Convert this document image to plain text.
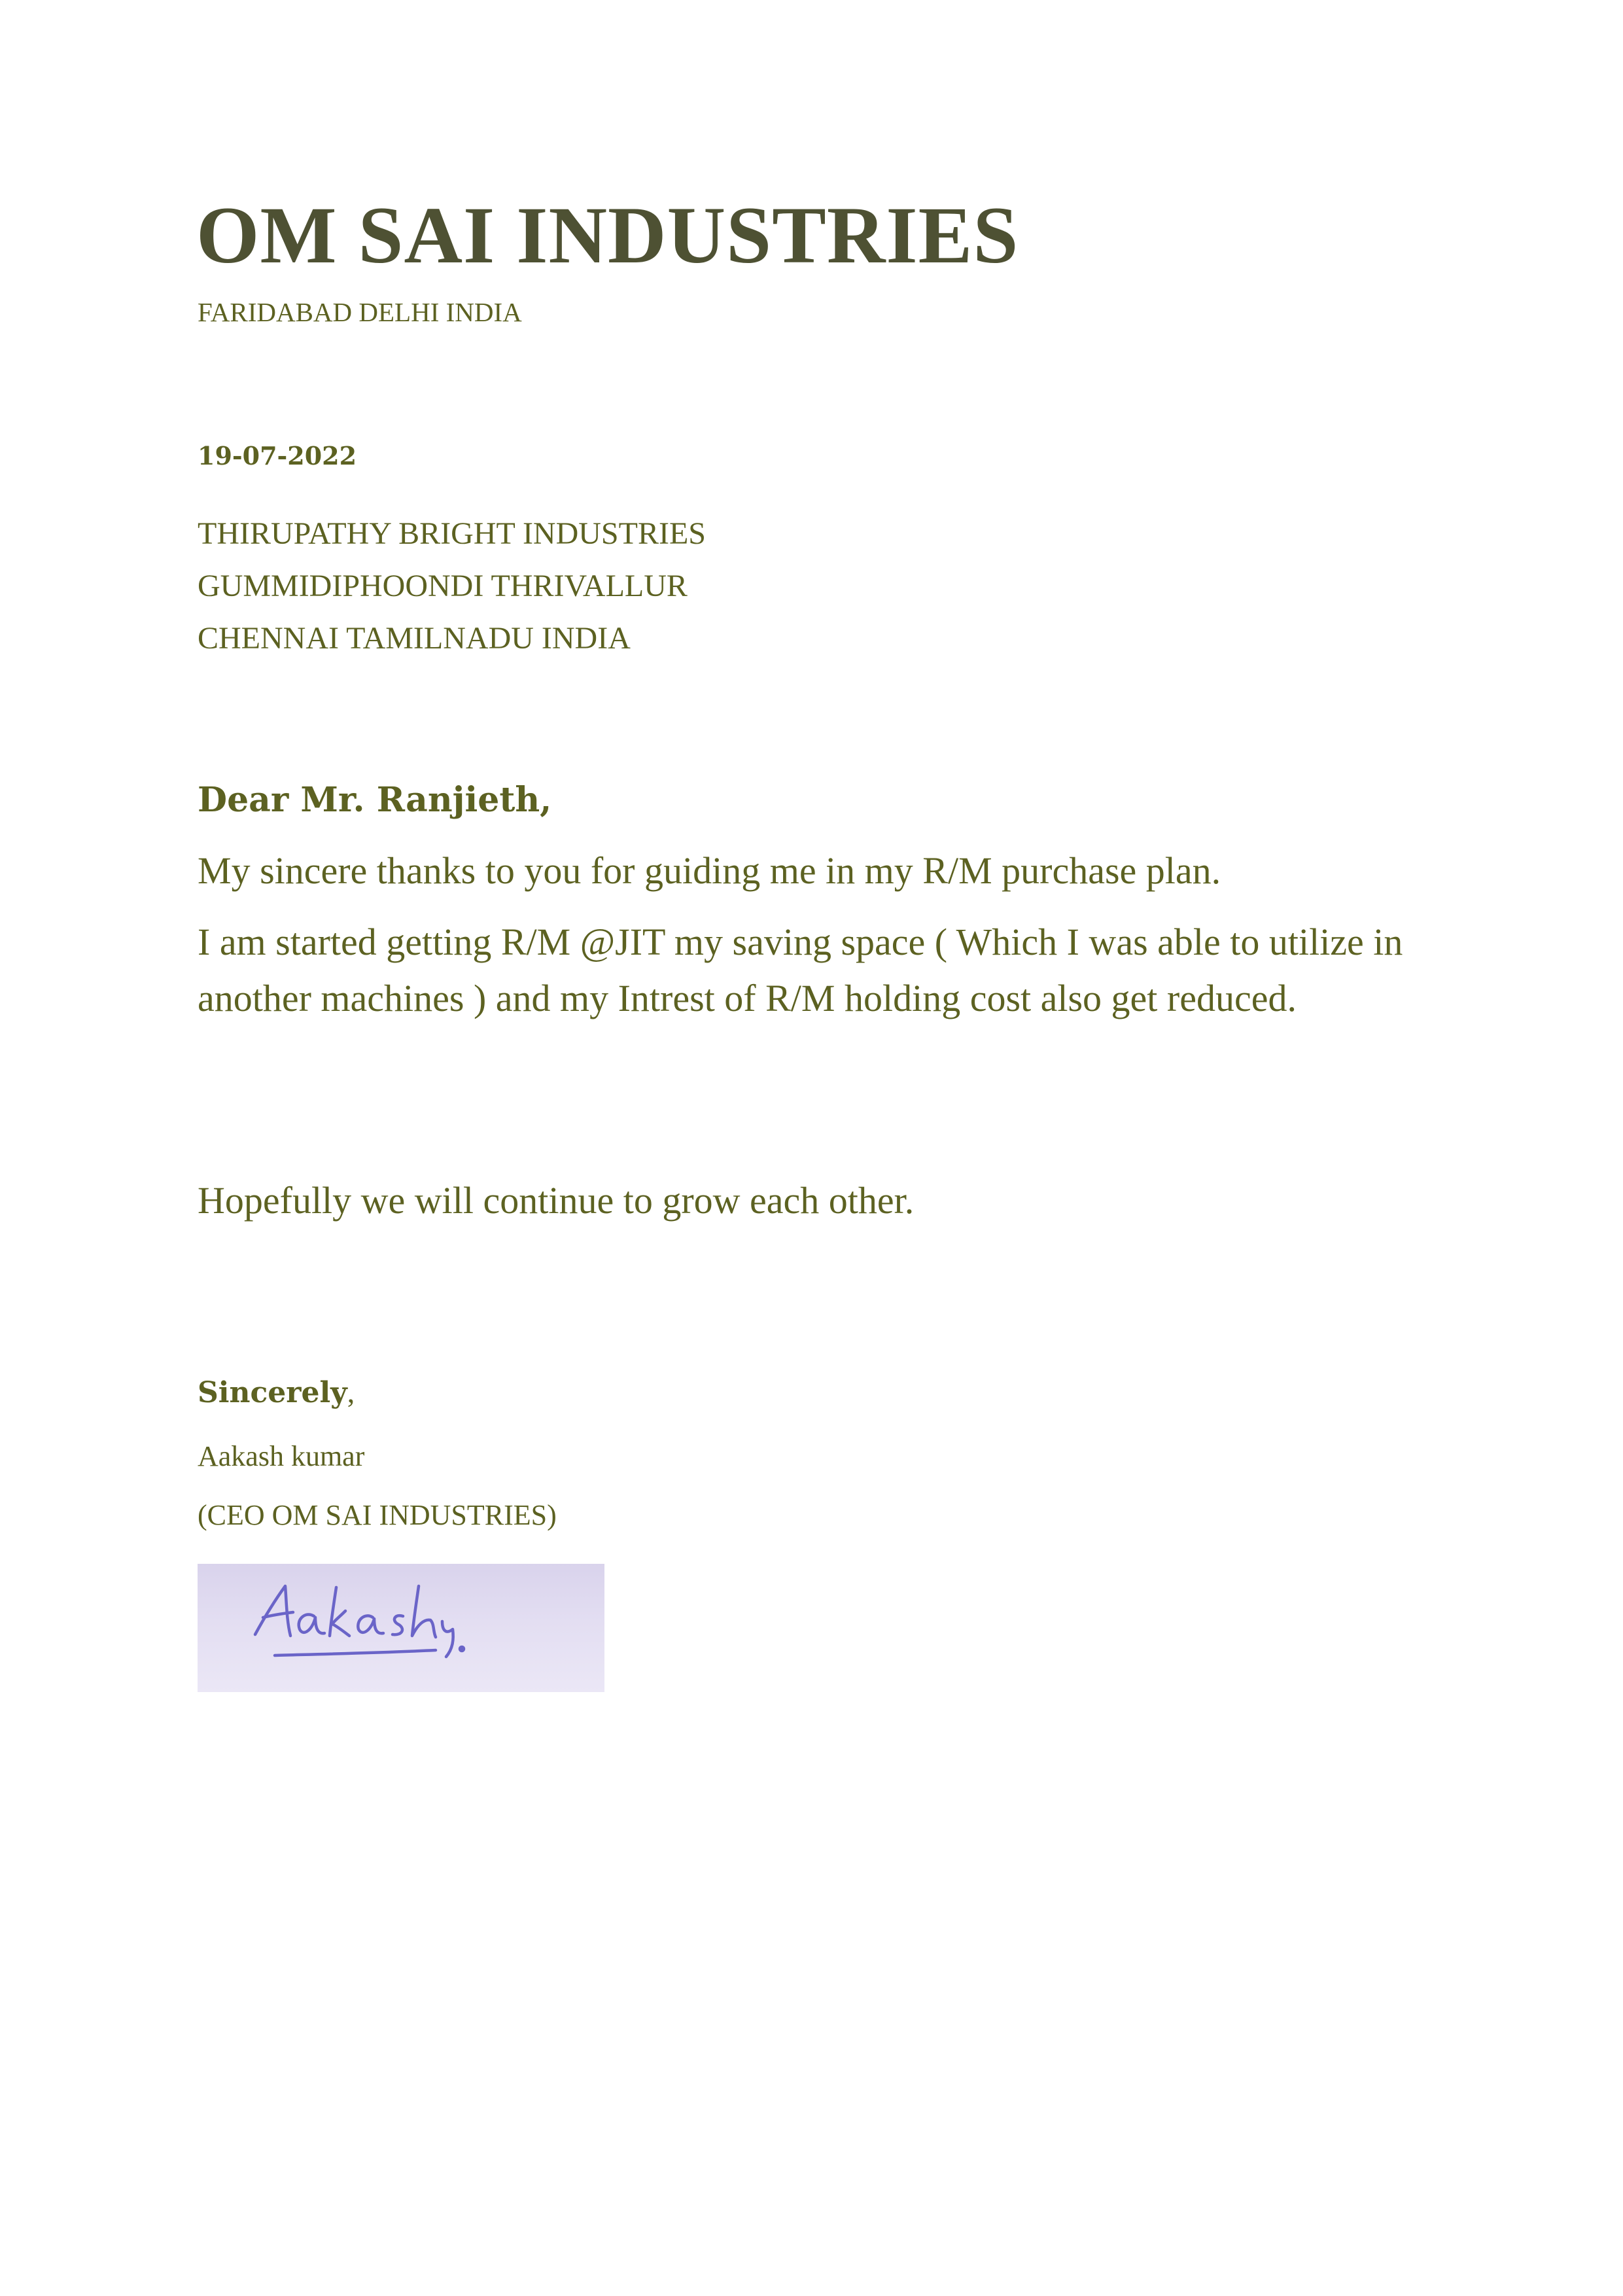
OM SAI INDUSTRIES
FARIDABAD DELHI INDIA
19-07-2022
THIRUPATHY BRIGHT INDUSTRIES
GUMMIDIPHOONDI THRIVALLUR
CHENNAI TAMILNADU INDIA
Dear Mr. Ranjieth,

My sincere thanks to you for guiding me in my R/M purchase plan.

I am started getting R/M @JIT my saving space ( Which I was able to utilize in another machines ) and my Intrest of R/M holding cost also get reduced.

Hopefully we will continue to grow each other.

Sincerely,
Aakash kumar
(CEO OM SAI INDUSTRIES)
